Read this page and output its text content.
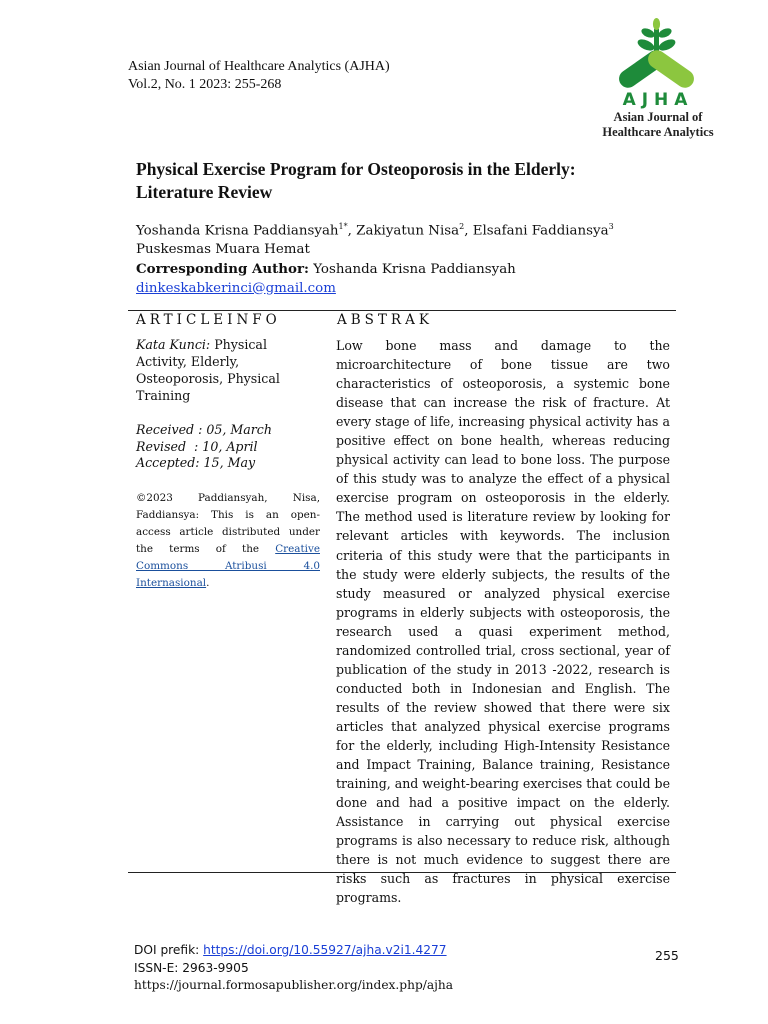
Asian Journal of Healthcare Analytics (AJHA)
Vol.2, No. 1 2023: 255-268
AJHA
Asian Journal of
Healthcare Analytics
Physical Exercise Program for Osteoporosis in the Elderly:
Literature Review
Yoshanda Krisna Paddiansyah$^{1*}$, Zakiyatun Nisa$^2$, Elsafani Faddiansya$^3$
Puskesmas Muara Hemat
Corresponding Author: Yoshanda Krisna Paddiansyah
dinkeskabkerinci@gmail.com
ARTICLEINFO	ABSTRAK
Kata Kunci: Physical Activity, Elderly, Osteoporosis, Physical Training
Received : 05, March
Revised  : 10, April
Accepted: 15, May
©2023 Paddiansyah, Nisa, Faddiansya: This is an open-access article distributed under the terms of the Creative Commons Atribusi 4.0 Internasional.

Low bone mass and damage to the microarchitecture of bone tissue are two characteristics of osteoporosis, a systemic bone disease that can increase the risk of fracture. At every stage of life, increasing physical activity has a positive effect on bone health, whereas reducing physical activity can lead to bone loss. The purpose of this study was to analyze the effect of a physical exercise program on osteoporosis in the elderly. The method used is literature review by looking for relevant articles with keywords. The inclusion criteria of this study were that the participants in the study were elderly subjects, the results of the study measured or analyzed physical exercise programs in elderly subjects with osteoporosis, the research used a quasi experiment method, randomized controlled trial, cross sectional, year of publication of the study in 2013 -2022, research is conducted both in Indonesian and English. The results of the review showed that there were six articles that analyzed physical exercise programs for the elderly, including High-Intensity Resistance and Impact Training, Balance training, Resistance training, and weight-bearing exercises that could be done and had a positive impact on the elderly. Assistance in carrying out physical exercise programs is also necessary to reduce risk, although there is not much evidence to suggest there are risks such as fractures in physical exercise programs.

DOI prefik: https://doi.org/10.55927/ajha.v2i1.4277
ISSN-E: 2963-9905
https://journal.formosapublisher.org/index.php/ajha
255
